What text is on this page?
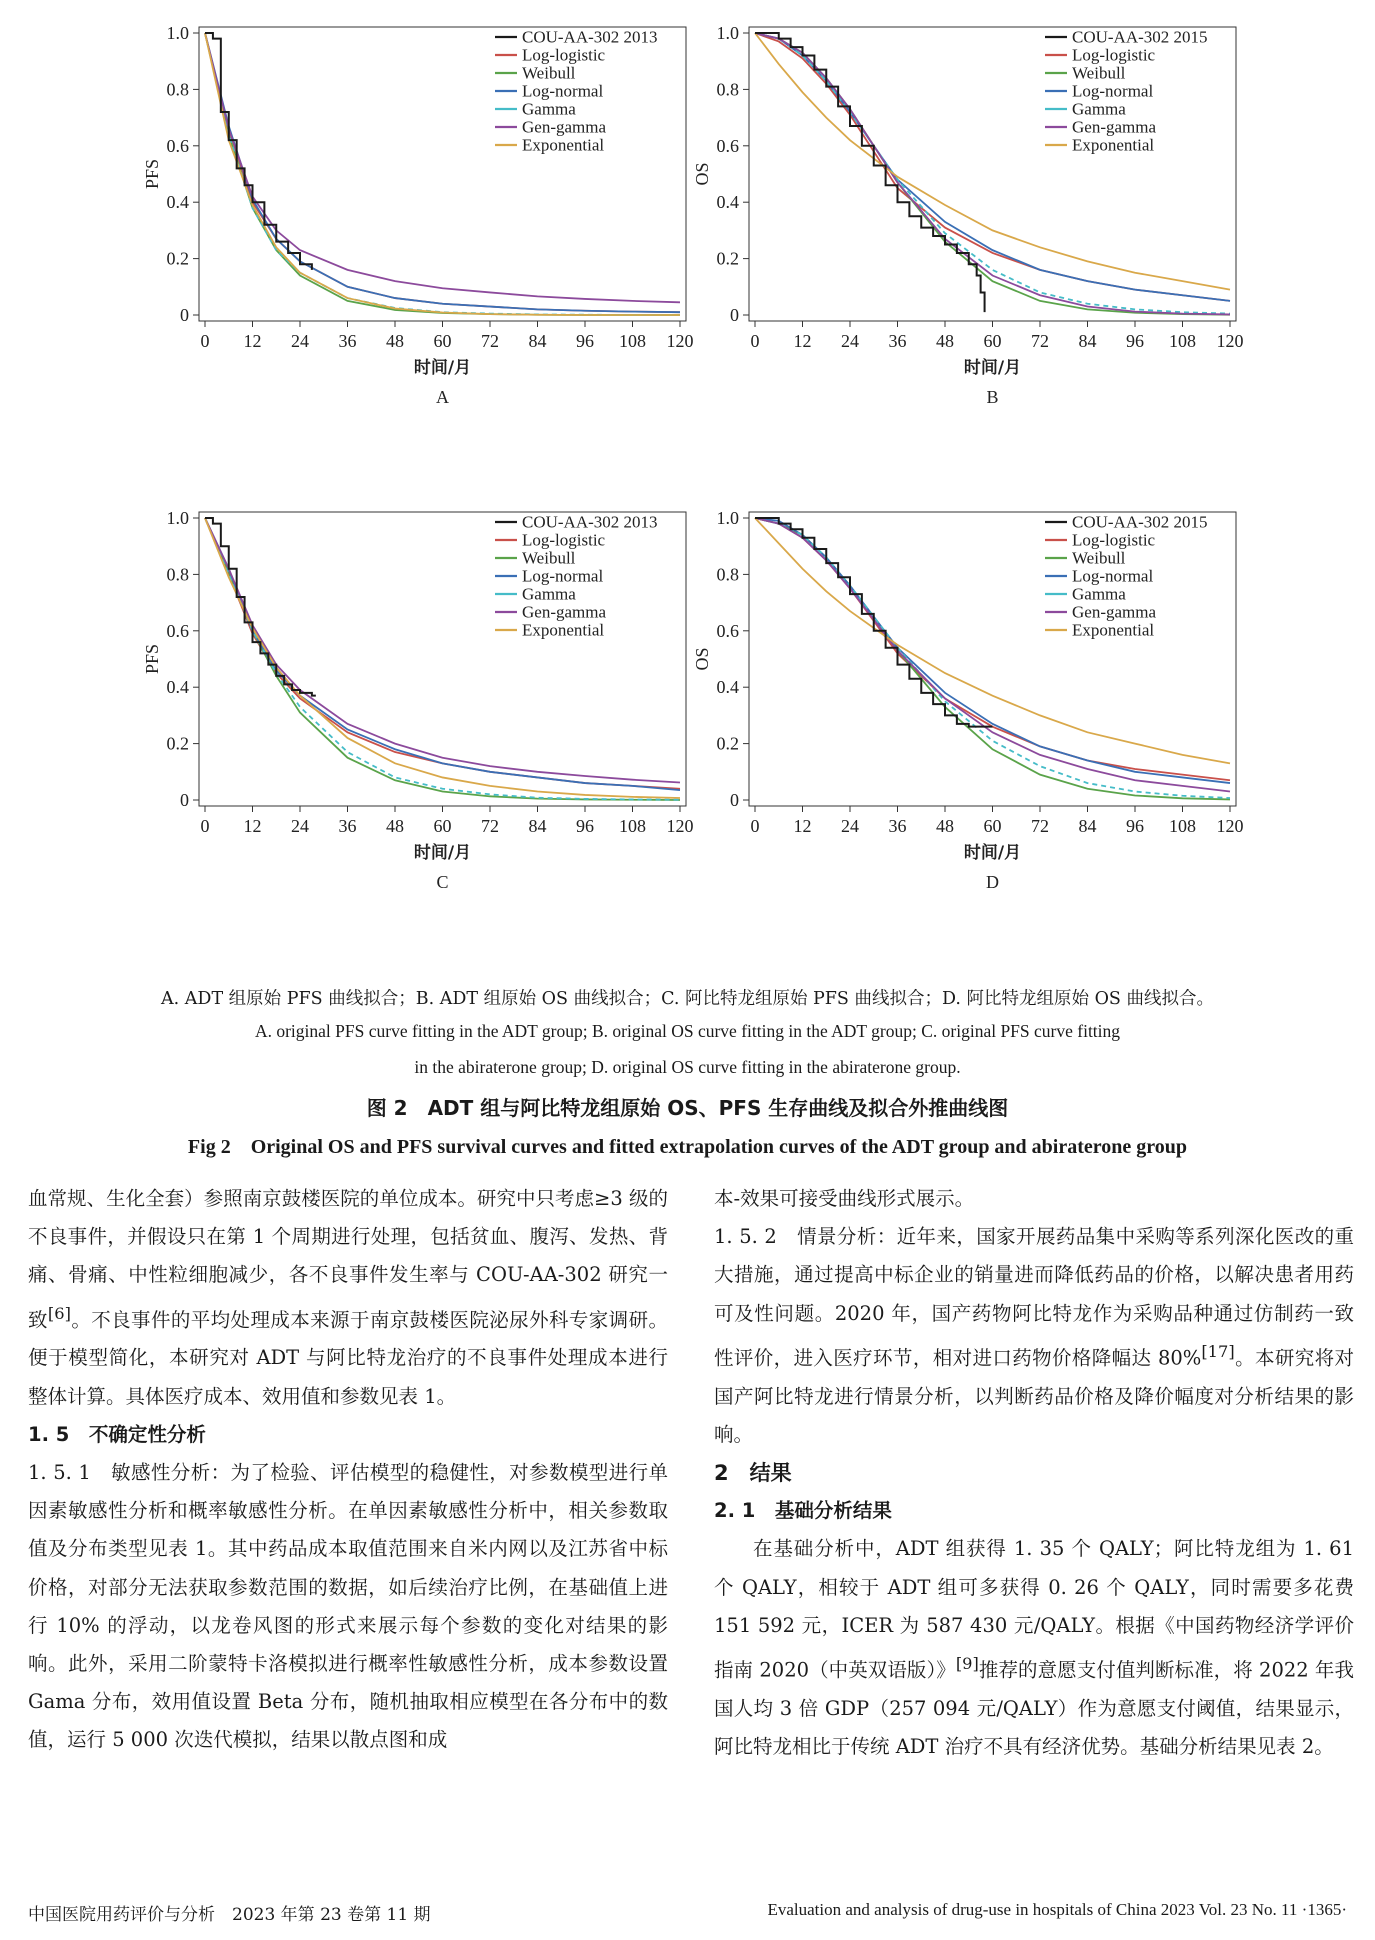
0
0.2
0.4
0.6
0.8
1.0
0 12 24 36 48 60 72 84 96 108 120
时间/月
PFS
A
COU-AA-302 2013
Log-logistic
Weibull
Log-normal
Gamma
Gen-gamma
Exponential
0
0.2
0.4
0.6
0.8
1.0
0 12 24 36 48 60 72 84 96 108 120
时间/月
OS
B
COU-AA-302 2015
Log-logistic
Weibull
Log-normal
Gamma
Gen-gamma
Exponential
0
0.2
0.4
0.6
0.8
1.0
0 12 24 36 48 60 72 84 96 108 120
时间/月
PFS
C
COU-AA-302 2013
Log-logistic
Weibull
Log-normal
Gamma
Gen-gamma
Exponential
0
0.2
0.4
0.6
0.8
1.0
0 12 24 36 48 60 72 84 96 108 120
时间/月
OS
D
COU-AA-302 2015
Log-logistic
Weibull
Log-normal
Gamma
Gen-gamma
Exponential
A. ADT 组原始 PFS 曲线拟合；B. ADT 组原始 OS 曲线拟合；C. 阿比特龙组原始 PFS 曲线拟合；D. 阿比特龙组原始 OS 曲线拟合。
A. original PFS curve fitting in the ADT group; B. original OS curve fitting in the ADT group; C. original PFS curve fitting
in the abiraterone group; D. original OS curve fitting in the abiraterone group.
图 2　ADT 组与阿比特龙组原始 OS、PFS 生存曲线及拟合外推曲线图
Fig 2　Original OS and PFS survival curves and fitted extrapolation curves of the ADT group and abiraterone group

血常规、生化全套）参照南京鼓楼医院的单位成本。研究中只考虑≥3 级的不良事件，并假设只在第 1 个周期进行处理，包括贫血、腹泻、发热、背痛、骨痛、中性粒细胞减少，各不良事件发生率与 COU-AA-302 研究一致[6]。不良事件的平均处理成本来源于南京鼓楼医院泌尿外科专家调研。便于模型简化，本研究对 ADT 与阿比特龙治疗的不良事件处理成本进行整体计算。具体医疗成本、效用值和参数见表 1。

1. 5　不确定性分析

1. 5. 1　敏感性分析：为了检验、评估模型的稳健性，对参数模型进行单因素敏感性分析和概率敏感性分析。在单因素敏感性分析中，相关参数取值及分布类型见表 1。其中药品成本取值范围来自米内网以及江苏省中标价格，对部分无法获取参数范围的数据，如后续治疗比例，在基础值上进行 10% 的浮动，以龙卷风图的形式来展示每个参数的变化对结果的影响。此外，采用二阶蒙特卡洛模拟进行概率性敏感性分析，成本参数设置 Gama 分布，效用值设置 Beta 分布，随机抽取相应模型在各分布中的数值，运行 5 000 次迭代模拟，结果以散点图和成

本-效果可接受曲线形式展示。

1. 5. 2　情景分析：近年来，国家开展药品集中采购等系列深化医改的重大措施，通过提高中标企业的销量进而降低药品的价格，以解决患者用药可及性问题。2020 年，国产药物阿比特龙作为采购品种通过仿制药一致性评价，进入医疗环节，相对进口药物价格降幅达 80%[17]。本研究将对国产阿比特龙进行情景分析，以判断药品价格及降价幅度对分析结果的影响。

2　结果

2. 1　基础分析结果

在基础分析中，ADT 组获得 1. 35 个 QALY；阿比特龙组为 1. 61 个 QALY，相较于 ADT 组可多获得 0. 26 个 QALY，同时需要多花费 151 592 元，ICER 为 587 430 元/QALY。根据《中国药物经济学评价指南 2020（中英双语版）》[9]推荐的意愿支付值判断标准，将 2022 年我国人均 3 倍 GDP（257 094 元/QALY）作为意愿支付阈值，结果显示，阿比特龙相比于传统 ADT 治疗不具有经济优势。基础分析结果见表 2。

中国医院用药评价与分析　2023 年第 23 卷第 11 期	Evaluation and analysis of drug-use in hospitals of China 2023 Vol. 23 No. 11 ·1365·
